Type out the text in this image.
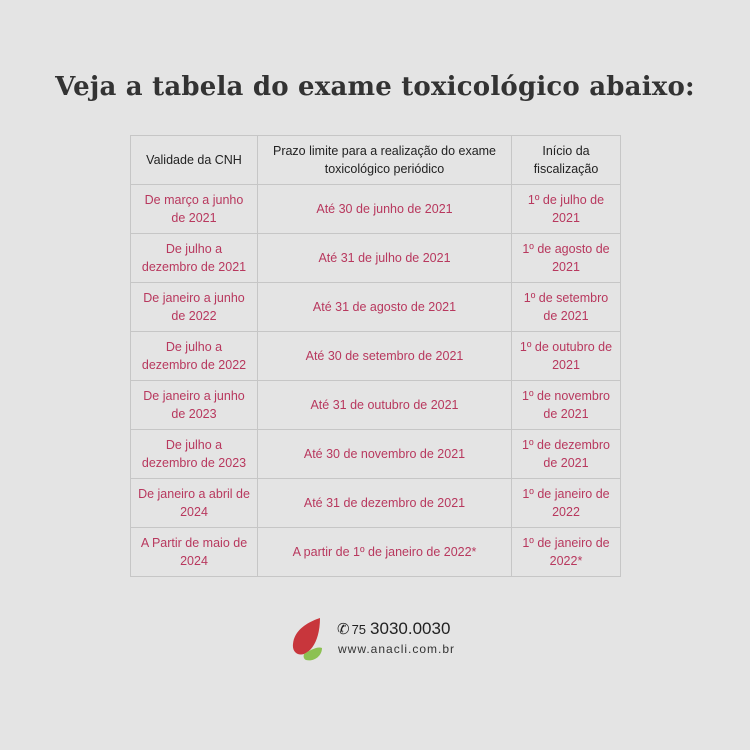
Veja a tabela do exame toxicológico abaixo:
Validade da CNH	Prazo limite para a realização do exame toxicológico periódico	Início da fiscalização
De março a junho de 2021	Até 30 de junho de 2021	1º de julho de 2021
De julho a dezembro de 2021	Até 31 de julho de 2021	1º de agosto de 2021
De janeiro a junho de 2022	Até 31 de agosto de 2021	1º de setembro de 2021
De julho a dezembro de 2022	Até 30 de setembro de 2021	1º de outubro de 2021
De janeiro a junho de 2023	Até 31 de outubro de 2021	1º de novembro de 2021
De julho a dezembro de 2023	Até 30 de novembro de 2021	1º de dezembro de 2021
De janeiro a abril de 2024	Até 31 de dezembro de 2021	1º de janeiro de 2022
A Partir de maio de 2024	A partir de 1º de janeiro de 2022*	1º de janeiro de 2022*
✆ 75 3030.0030
www.anacli.com.br
